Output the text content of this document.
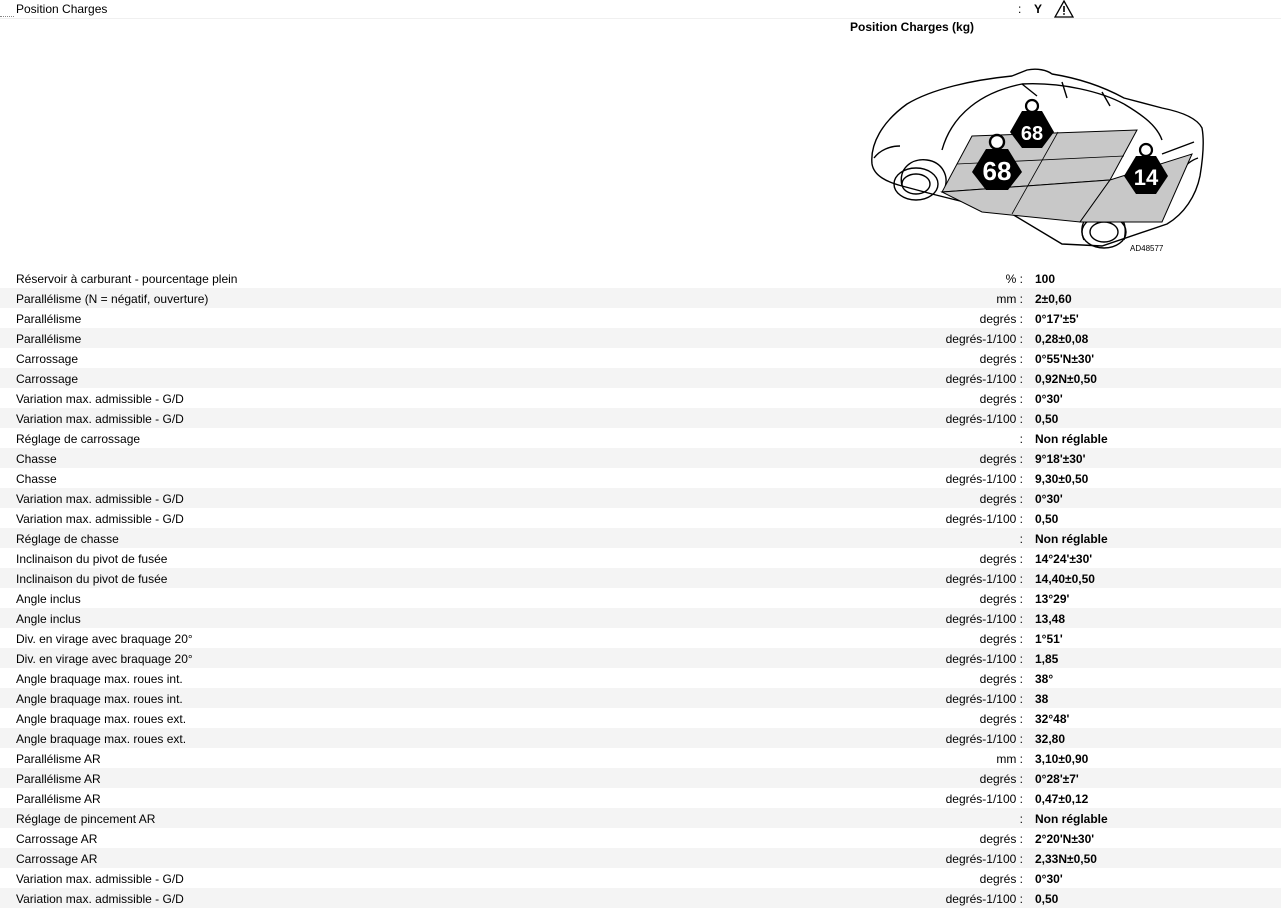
Position Charges	: Y
Position Charges (kg)
68
68	14
AD48577
Réservoir à carburant - pourcentage plein	% : 100
Parallélisme (N = négatif, ouverture)	mm : 2±0,60
Parallélisme	degrés : 0°17'±5'
Parallélisme	degrés-1/100 : 0,28±0,08
Carrossage	degrés : 0°55'N±30'
Carrossage	degrés-1/100 : 0,92N±0,50
Variation max. admissible - G/D	degrés : 0°30'
Variation max. admissible - G/D	degrés-1/100 : 0,50
Réglage de carrossage	: Non réglable
Chasse	degrés : 9°18'±30'
Chasse	degrés-1/100 : 9,30±0,50
Variation max. admissible - G/D	degrés : 0°30'
Variation max. admissible - G/D	degrés-1/100 : 0,50
Réglage de chasse	: Non réglable
Inclinaison du pivot de fusée	degrés : 14°24'±30'
Inclinaison du pivot de fusée	degrés-1/100 : 14,40±0,50
Angle inclus	degrés : 13°29'
Angle inclus	degrés-1/100 : 13,48
Div. en virage avec braquage 20°	degrés : 1°51'
Div. en virage avec braquage 20°	degrés-1/100 : 1,85
Angle braquage max. roues int.	degrés : 38°
Angle braquage max. roues int.	degrés-1/100 : 38
Angle braquage max. roues ext.	degrés : 32°48'
Angle braquage max. roues ext.	degrés-1/100 : 32,80
Parallélisme AR	mm : 3,10±0,90
Parallélisme AR	degrés : 0°28'±7'
Parallélisme AR	degrés-1/100 : 0,47±0,12
Réglage de pincement AR	: Non réglable
Carrossage AR	degrés : 2°20'N±30'
Carrossage AR	degrés-1/100 : 2,33N±0,50
Variation max. admissible - G/D	degrés : 0°30'
Variation max. admissible - G/D	degrés-1/100 : 0,50
